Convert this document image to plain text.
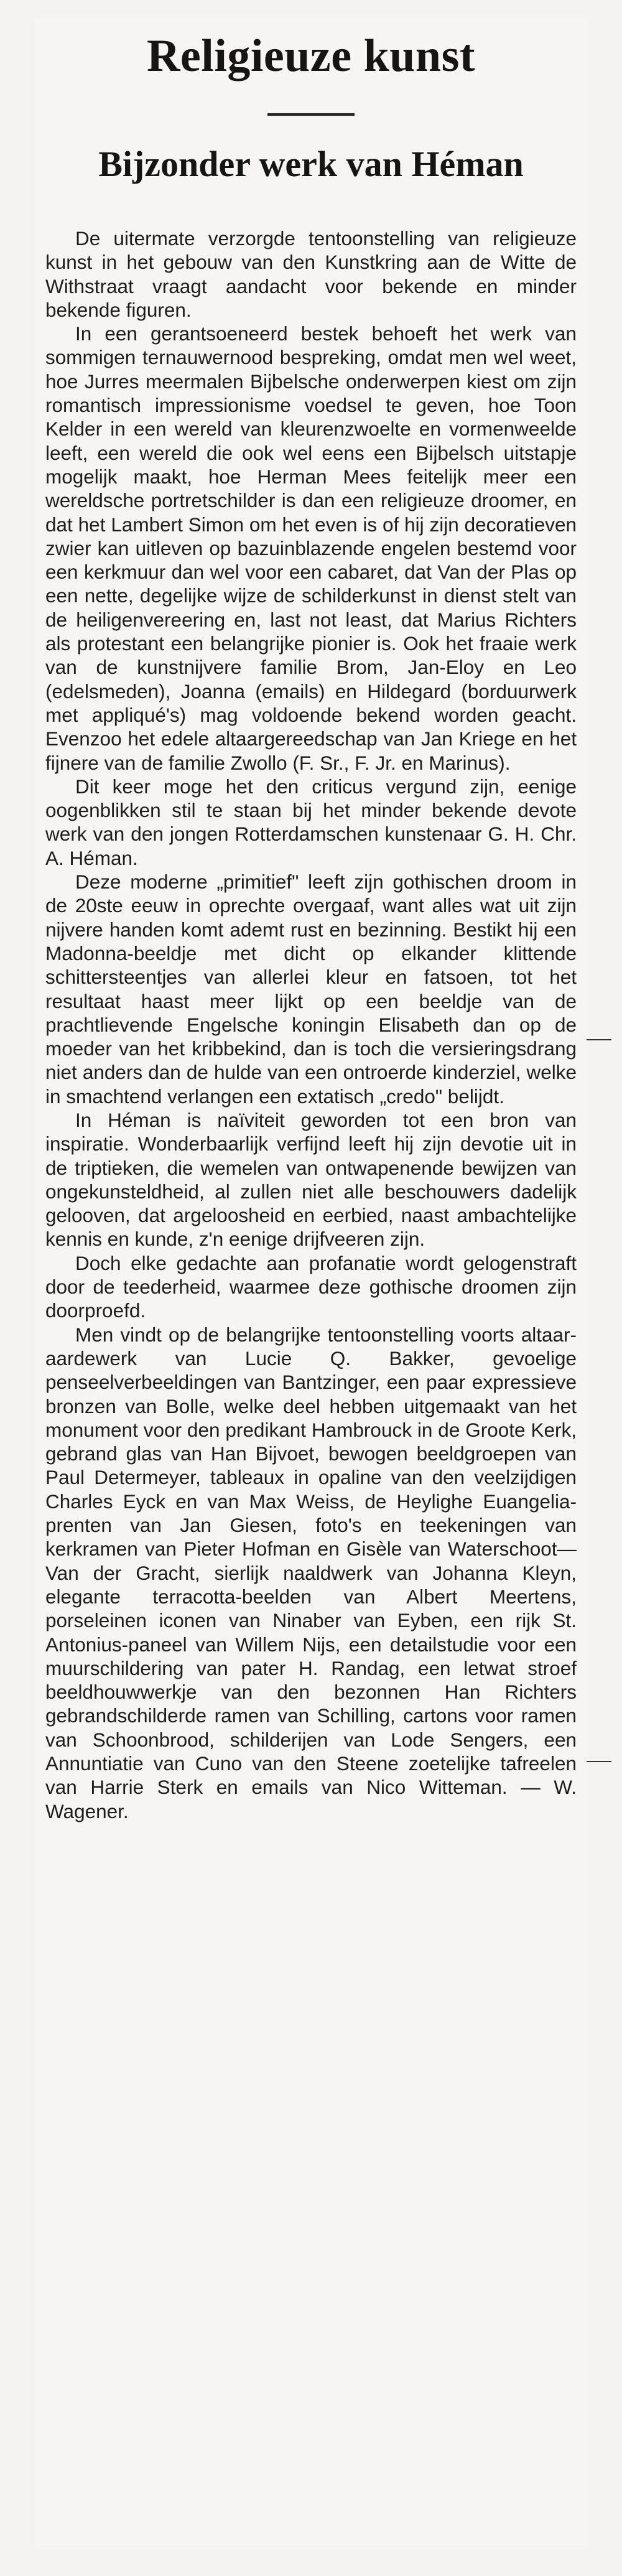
Religieuze kunst
Bijzonder werk van Héman

De uitermate verzorgde tentoonstelling van religieuze kunst in het gebouw van den Kunstkring aan de Witte de Withstraat vraagt aandacht voor bekende en minder bekende figuren.

In een gerantsoeneerd bestek behoeft het werk van sommigen ternauwernood bespreking, omdat men wel weet, hoe Jurres meermalen Bijbelsche onderwerpen kiest om zijn romantisch impressionisme voedsel te geven, hoe Toon Kelder in een wereld van kleurenzwoelte en vormenweelde leeft, een wereld die ook wel eens een Bijbelsch uitstapje mogelijk maakt, hoe Herman Mees feitelijk meer een wereldsche portretschilder is dan een religieuze droomer, en dat het Lambert Simon om het even is of hij zijn decoratieven zwier kan uitleven op bazuinblazende engelen bestemd voor een kerkmuur dan wel voor een cabaret, dat Van der Plas op een nette, degelijke wijze de schilderkunst in dienst stelt van de heiligenvereering en, last not least, dat Marius Richters als protestant een belangrijke pionier is. Ook het fraaie werk van de kunstnijvere familie Brom, Jan-Eloy en Leo (edelsmeden), Joanna (emails) en Hildegard (borduurwerk met appliqué's) mag voldoende bekend worden geacht. Evenzoo het edele altaargereedschap van Jan Kriege en het fijnere van de familie Zwollo (F. Sr., F. Jr. en Marinus).

Dit keer moge het den criticus vergund zijn, eenige oogenblikken stil te staan bij het minder bekende devote werk van den jongen Rotterdamschen kunstenaar G. H. Chr. A. Héman.

Deze moderne „primitief" leeft zijn gothischen droom in de 20ste eeuw in oprechte overgaaf, want alles wat uit zijn nijvere handen komt ademt rust en bezinning. Bestikt hij een Madonna-beeldje met dicht op elkander klittende schittersteentjes van allerlei kleur en fatsoen, tot het resultaat haast meer lijkt op een beeldje van de prachtlievende Engelsche koningin Elisabeth dan op de moeder van het kribbekind, dan is toch die versieringsdrang niet anders dan de hulde van een ontroerde kinderziel, welke in smachtend verlangen een extatisch „credo" belijdt.

In Héman is naïviteit geworden tot een bron van inspiratie. Wonderbaarlijk verfijnd leeft hij zijn devotie uit in de triptieken, die wemelen van ontwapenende bewijzen van ongekunsteldheid, al zullen niet alle beschouwers dadelijk gelooven, dat argeloosheid en eerbied, naast ambachtelijke kennis en kunde, z'n eenige drijfveeren zijn.

Doch elke gedachte aan profanatie wordt gelogenstraft door de teederheid, waarmee deze gothische droomen zijn doorproefd.

Men vindt op de belangrijke tentoonstelling voorts altaar-aardewerk van Lucie Q. Bakker, gevoelige penseelverbeeldingen van Bantzinger, een paar expressieve bronzen van Bolle, welke deel hebben uitgemaakt van het monument voor den predikant Hambrouck in de Groote Kerk, gebrand glas van Han Bijvoet, bewogen beeldgroepen van Paul Determeyer, tableaux in opaline van den veelzijdigen Charles Eyck en van Max Weiss, de Heylighe Euangelia-prenten van Jan Giesen, foto's en teekeningen van kerkramen van Pieter Hofman en Gisèle van Waterschoot—Van der Gracht, sierlijk naaldwerk van Johanna Kleyn, elegante terracotta-beelden van Albert Meertens, porseleinen iconen van Ninaber van Eyben, een rijk St. Antonius-paneel van Willem Nijs, een detailstudie voor een muurschildering van pater H. Randag, een letwat stroef beeldhouwwerkje van den bezonnen Han Richters gebrandschilderde ramen van Schilling, cartons voor ramen van Schoonbrood, schilderijen van Lode Sengers, een Annuntiatie van Cuno van den Steene zoetelijke tafreelen van Harrie Sterk en emails van Nico Witteman. — W. Wagener.
